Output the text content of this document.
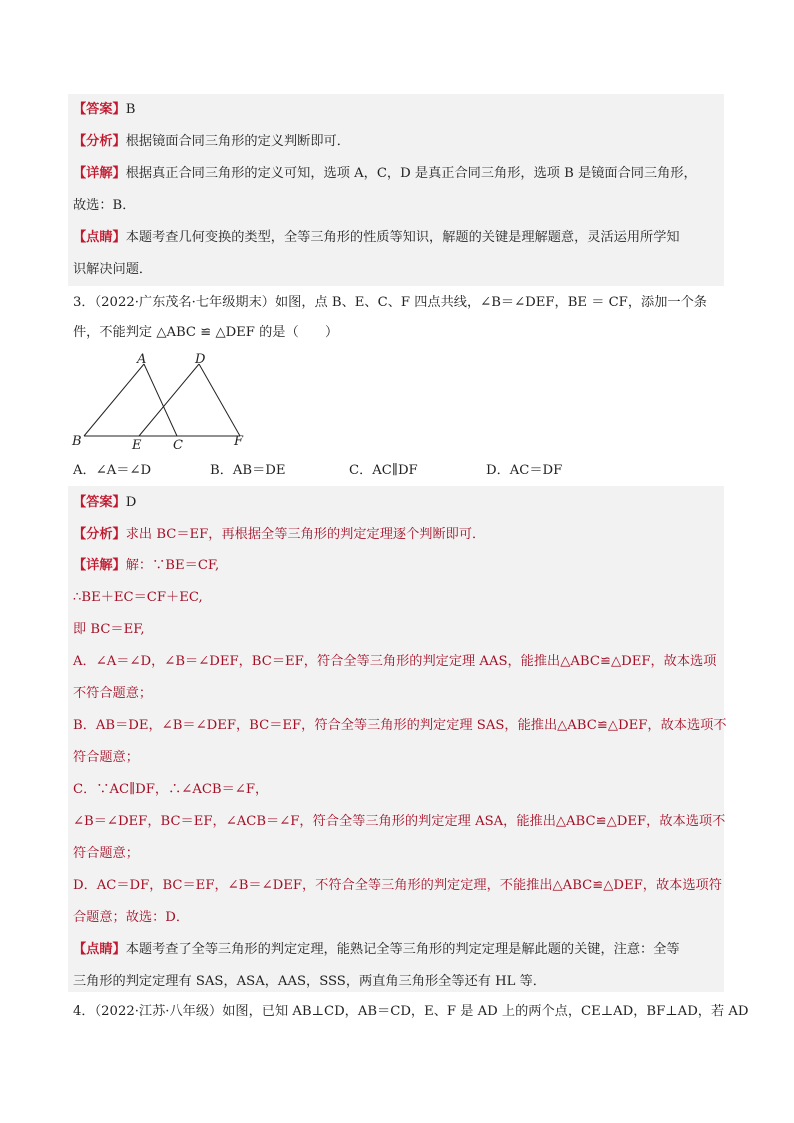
【答案】B
【分析】根据镜面合同三角形的定义判断即可．
【详解】根据真正合同三角形的定义可知，选项 A，C，D 是真正合同三角形，选项 B 是镜面合同三角形，
故选：B．
【点睛】本题考查几何变换的类型，全等三角形的性质等知识，解题的关键是理解题意，灵活运用所学知
识解决问题．
3．（2022·广东茂名·七年级期末）如图，点 B、E、C、F 四点共线，∠B＝∠DEF，BE ＝ CF，添加一个条
件，不能判定 △ABC ≌ △DEF 的是（　　）
A	D
B	E C	F
A．∠A＝∠D	B．AB＝DE	C．AC∥DF	D．AC＝DF
【答案】D
【分析】求出 BC＝EF，再根据全等三角形的判定定理逐个判断即可．
【详解】解：∵BE＝CF,
∴BE＋EC＝CF＋EC,
即 BC＝EF,
A．∠A＝∠D，∠B＝∠DEF，BC＝EF，符合全等三角形的判定定理 AAS，能推出△ABC≌△DEF，故本选项
不符合题意；
B．AB＝DE，∠B＝∠DEF，BC＝EF，符合全等三角形的判定定理 SAS，能推出△ABC≌△DEF，故本选项不
符合题意；
C．∵AC∥DF，∴∠ACB＝∠F，
∠B＝∠DEF，BC＝EF，∠ACB＝∠F，符合全等三角形的判定定理 ASA，能推出△ABC≌△DEF，故本选项不
符合题意；
D．AC＝DF，BC＝EF，∠B＝∠DEF，不符合全等三角形的判定定理，不能推出△ABC≌△DEF，故本选项符
合题意；故选：D．
【点睛】本题考查了全等三角形的判定定理，能熟记全等三角形的判定定理是解此题的关键，注意：全等
三角形的判定定理有 SAS，ASA，AAS，SSS，两直角三角形全等还有 HL 等．
4．（2022·江苏·八年级）如图，已知 AB⊥CD，AB＝CD，E、F 是 AD 上的两个点，CE⊥AD，BF⊥AD，若 AD
